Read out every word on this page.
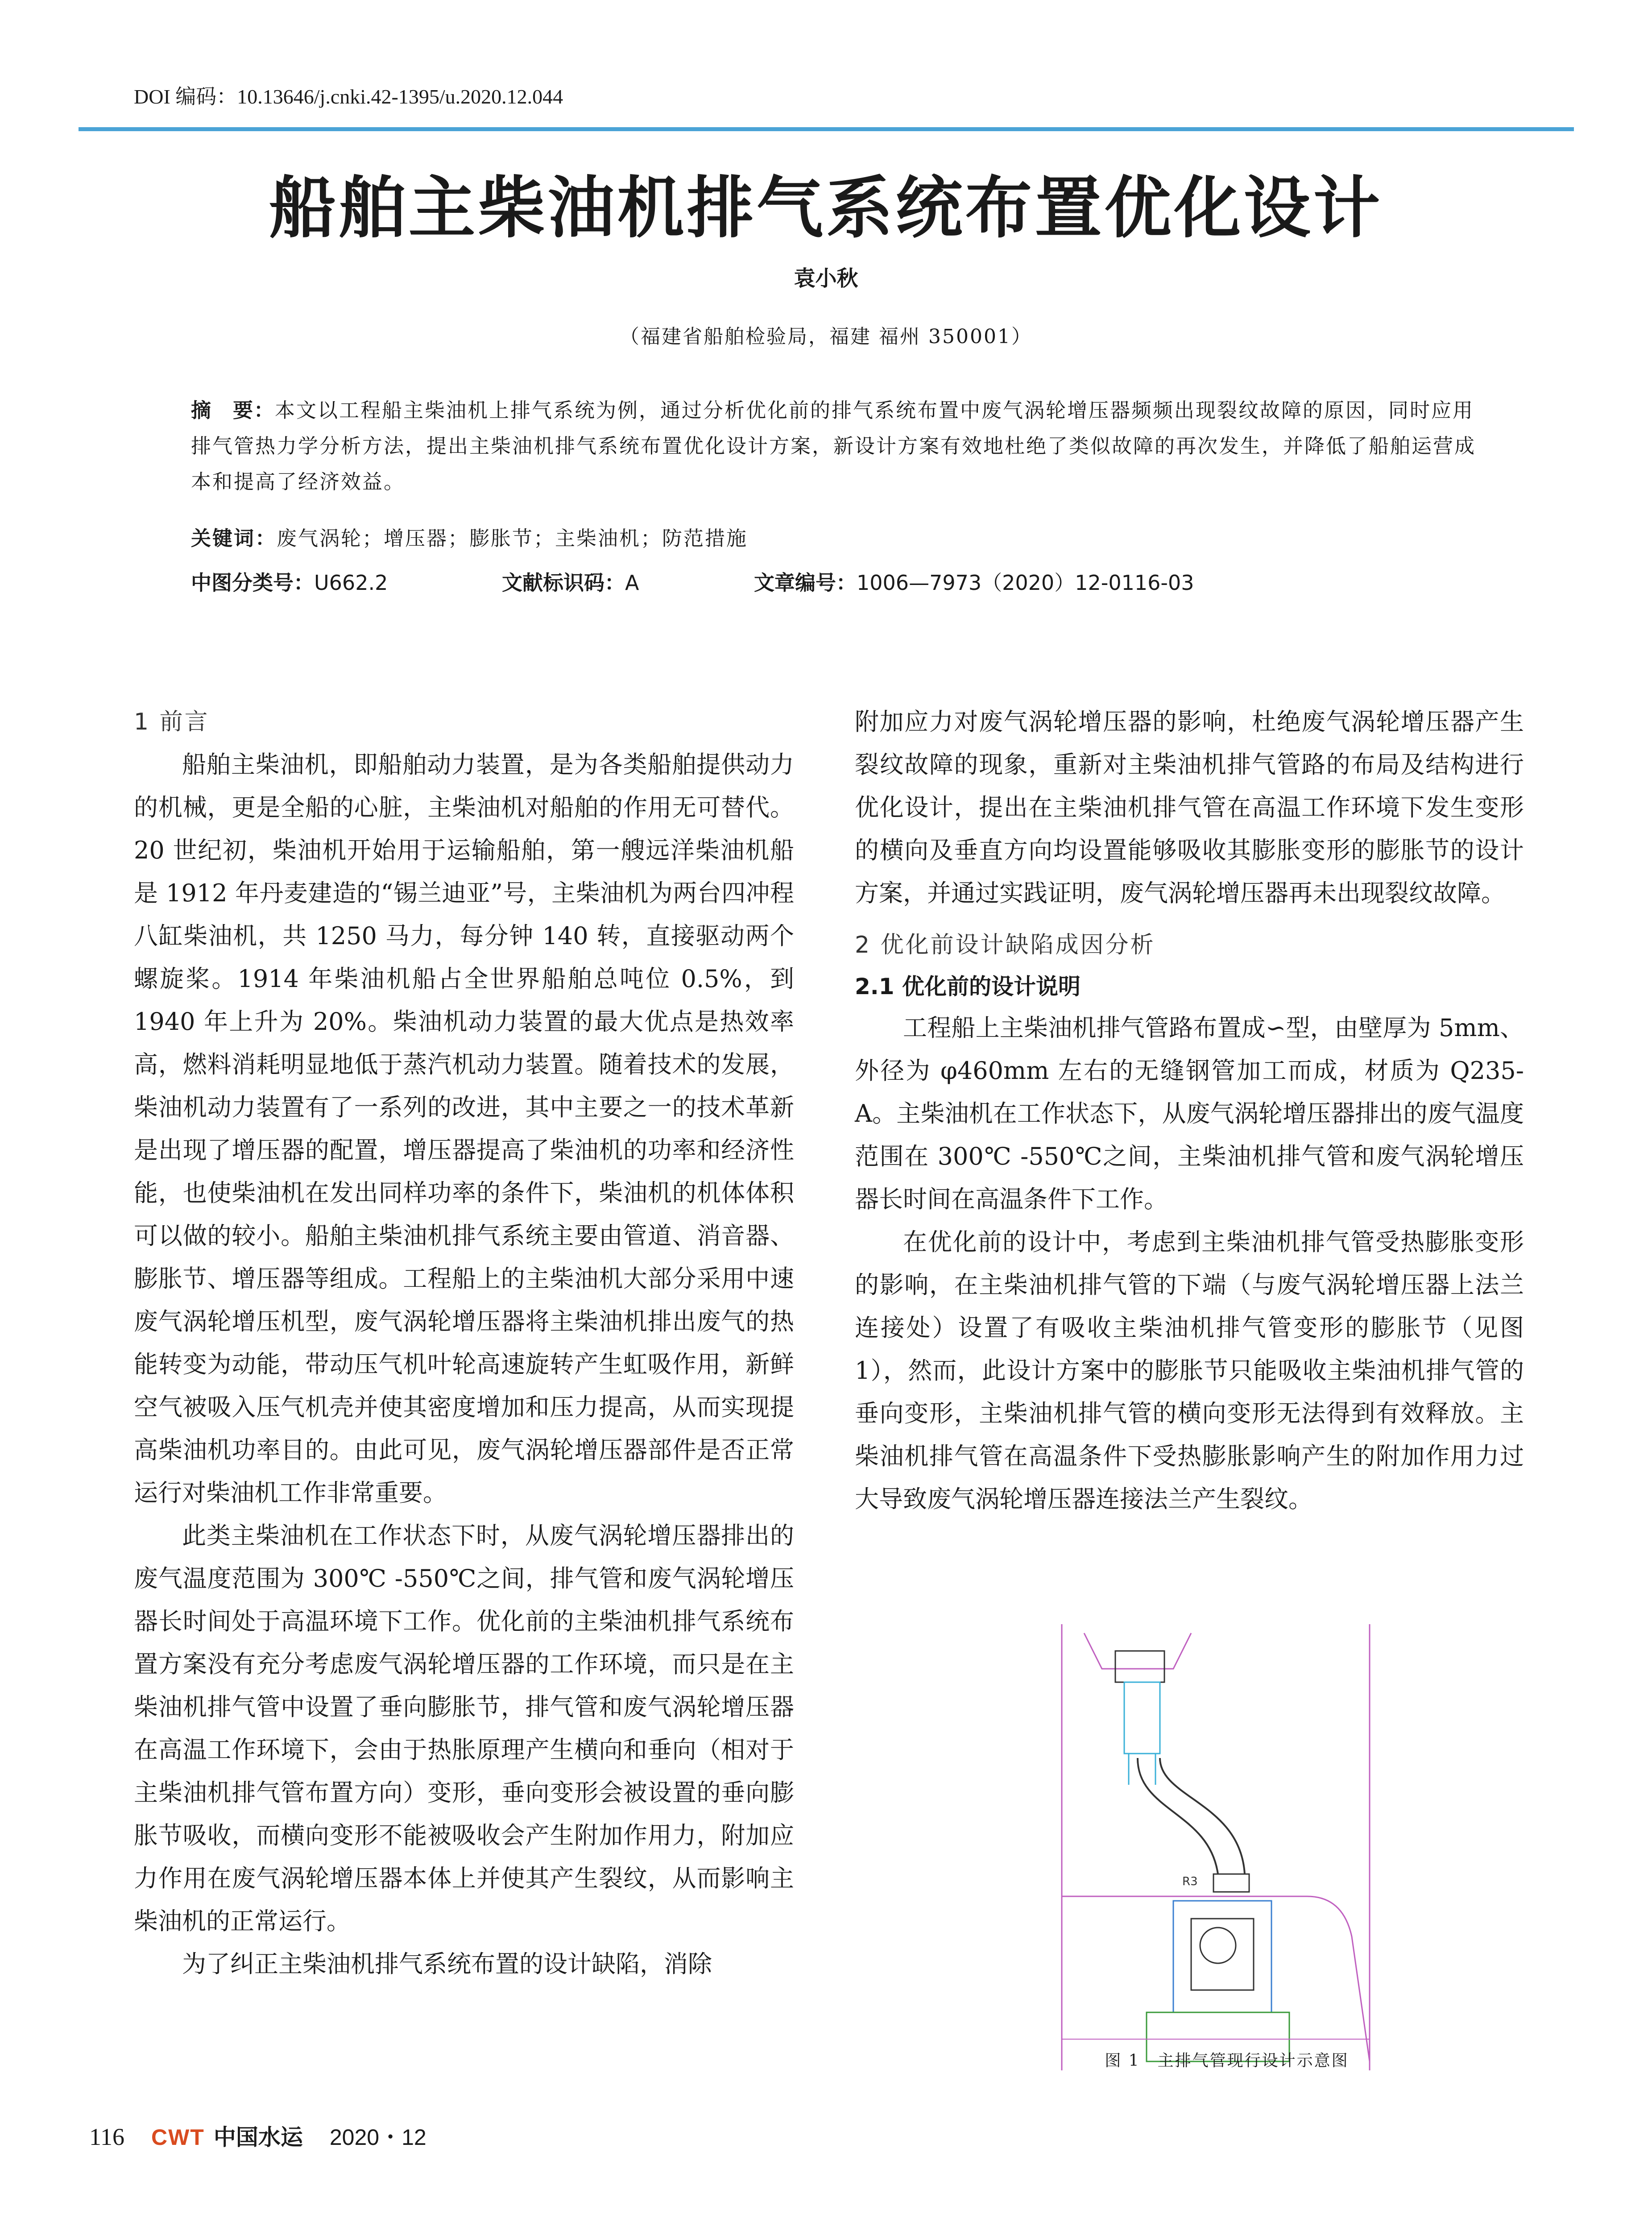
DOI 编码：10.13646/j.cnki.42-1395/u.2020.12.044
船舶主柴油机排气系统布置优化设计
袁小秋
（福建省船舶检验局，福建 福州 350001）
摘　要：本文以工程船主柴油机上排气系统为例，通过分析优化前的排气系统布置中废气涡轮增压器频频出现裂纹故障的原因，同时应用排气管热力学分析方法，提出主柴油机排气系统布置优化设计方案，新设计方案有效地杜绝了类似故障的再次发生，并降低了船舶运营成本和提高了经济效益。
关键词：废气涡轮；增压器；膨胀节；主柴油机；防范措施
中图分类号：U662.2	文献标识码：A	文章编号：1006—7973（2020）12-0116-03

1 前言

船舶主柴油机，即船舶动力装置，是为各类船舶提供动力的机械，更是全船的心脏，主柴油机对船舶的作用无可替代。20 世纪初，柴油机开始用于运输船舶，第一艘远洋柴油机船是 1912 年丹麦建造的“锡兰迪亚”号，主柴油机为两台四冲程八缸柴油机，共 1250 马力，每分钟 140 转，直接驱动两个螺旋桨。1914 年柴油机船占全世界船舶总吨位 0.5%，到 1940 年上升为 20%。柴油机动力装置的最大优点是热效率高，燃料消耗明显地低于蒸汽机动力装置。随着技术的发展，柴油机动力装置有了一系列的改进，其中主要之一的技术革新是出现了增压器的配置，增压器提高了柴油机的功率和经济性能，也使柴油机在发出同样功率的条件下，柴油机的机体体积可以做的较小。船舶主柴油机排气系统主要由管道、消音器、膨胀节、增压器等组成。工程船上的主柴油机大部分采用中速废气涡轮增压机型，废气涡轮增压器将主柴油机排出废气的热能转变为动能，带动压气机叶轮高速旋转产生虹吸作用，新鲜空气被吸入压气机壳并使其密度增加和压力提高，从而实现提高柴油机功率目的。由此可见，废气涡轮增压器部件是否正常运行对柴油机工作非常重要。

此类主柴油机在工作状态下时，从废气涡轮增压器排出的废气温度范围为 300℃ -550℃之间，排气管和废气涡轮增压器长时间处于高温环境下工作。优化前的主柴油机排气系统布置方案没有充分考虑废气涡轮增压器的工作环境，而只是在主柴油机排气管中设置了垂向膨胀节，排气管和废气涡轮增压器在高温工作环境下，会由于热胀原理产生横向和垂向（相对于主柴油机排气管布置方向）变形，垂向变形会被设置的垂向膨胀节吸收，而横向变形不能被吸收会产生附加作用力，附加应力作用在废气涡轮增压器本体上并使其产生裂纹，从而影响主柴油机的正常运行。

为了纠正主柴油机排气系统布置的设计缺陷，消除

附加应力对废气涡轮增压器的影响，杜绝废气涡轮增压器产生裂纹故障的现象，重新对主柴油机排气管路的布局及结构进行优化设计，提出在主柴油机排气管在高温工作环境下发生变形的横向及垂直方向均设置能够吸收其膨胀变形的膨胀节的设计方案，并通过实践证明，废气涡轮增压器再未出现裂纹故障。

2 优化前设计缺陷成因分析

2.1 优化前的设计说明

工程船上主柴油机排气管路布置成∽型，由壁厚为 5mm、外径为 φ460mm 左右的无缝钢管加工而成，材质为 Q235-A。主柴油机在工作状态下，从废气涡轮增压器排出的废气温度范围在 300℃ -550℃之间，主柴油机排气管和废气涡轮增压器长时间在高温条件下工作。

在优化前的设计中，考虑到主柴油机排气管受热膨胀变形的影响，在主柴油机排气管的下端（与废气涡轮增压器上法兰连接处）设置了有吸收主柴油机排气管变形的膨胀节（见图 1），然而，此设计方案中的膨胀节只能吸收主柴油机排气管的垂向变形，主柴油机排气管的横向变形无法得到有效释放。主柴油机排气管在高温条件下受热膨胀影响产生的附加作用力过大导致废气涡轮增压器连接法兰产生裂纹。

R3
图 1　主排气管现行设计示意图
116 CWT 中国水运 2020・12
